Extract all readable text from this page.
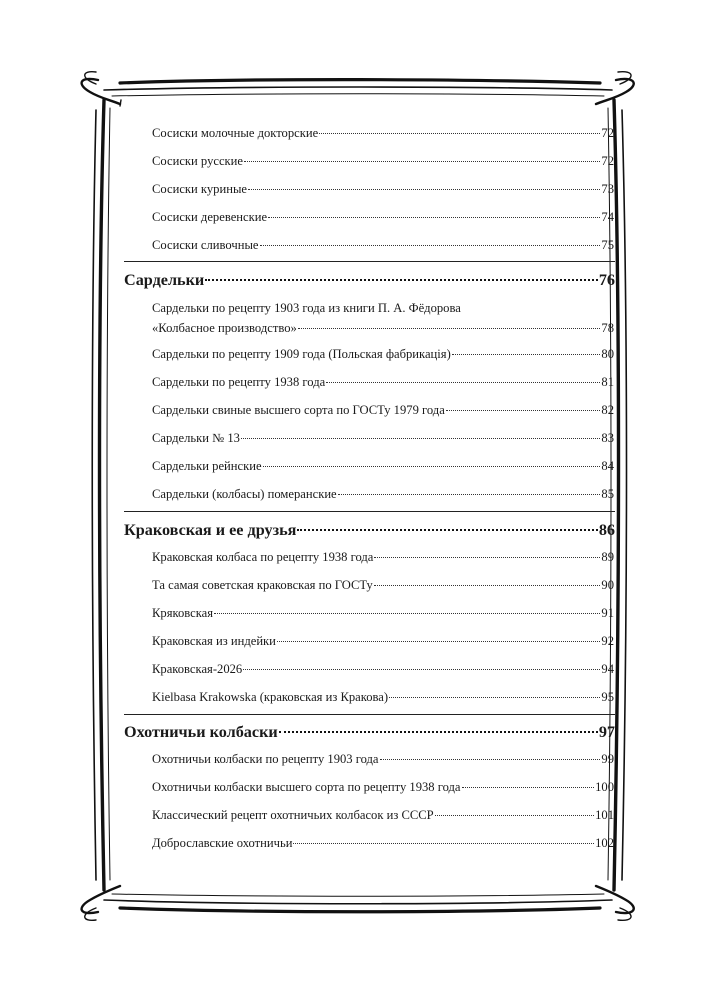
Сосиски молочные докторские	72
Сосиски русские	72
Сосиски куриные	73
Сосиски деревенские	74
Сосиски сливочные	75
Сардельки	76
Сардельки по рецепту 1903 года из книги П. А. Фёдорова
«Колбасное производство»	78
Сардельки по рецепту 1909 года (Польская фабрикація)	80
Сардельки по рецепту 1938 года	81
Сардельки свиные высшего сорта по ГОСТу 1979 года	82
Сардельки № 13	83
Сардельки рейнские	84
Сардельки (колбасы) померанские	85
Краковская и ее друзья	86
Краковская колбаса по рецепту 1938 года	89
Та самая советская краковская по ГОСТу	90
Кряковская	91
Краковская из индейки	92
Краковская-2026	94
Kielbasa Krakowska (краковская из Кракова)	95
Охотничьи колбаски	97
Охотничьи колбаски по рецепту 1903 года	99
Охотничьи колбаски высшего сорта по рецепту 1938 года	100
Классический рецепт охотничьих колбасок из СССР	101
Доброславские охотничьи	102
